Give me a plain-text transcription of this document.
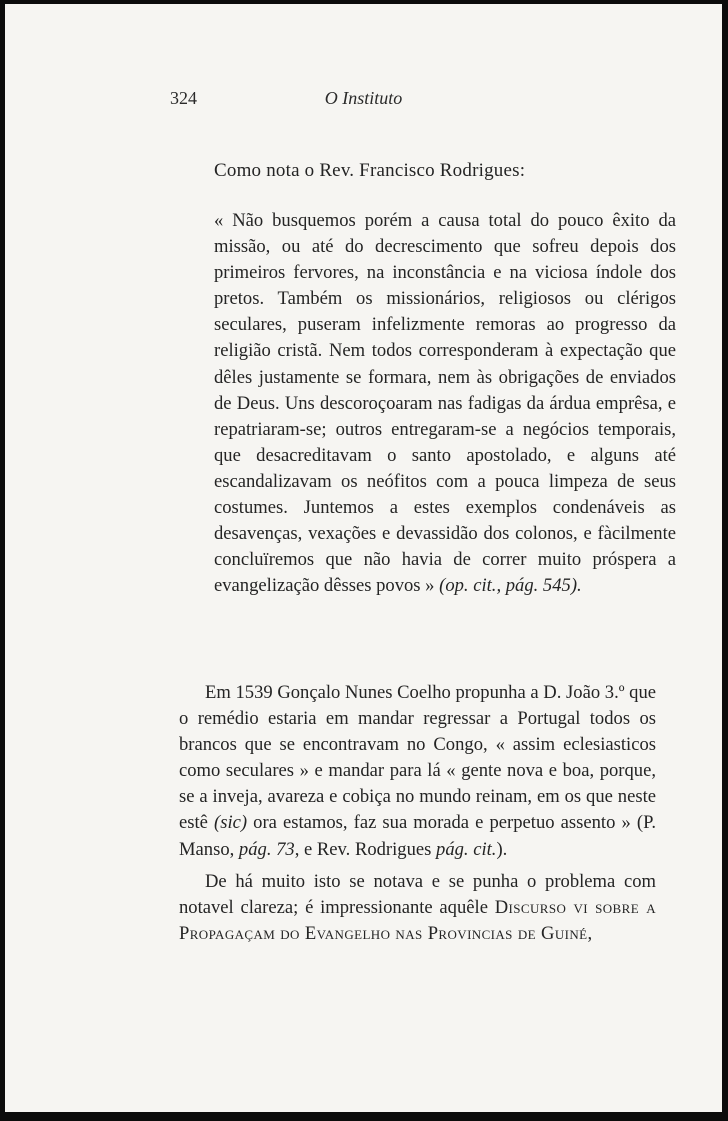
324	O Instituto
Como nota o Rev. Francisco Rodrigues:
« Não busquemos porém a causa total do pouco êxito da missão, ou até do decrescimento que sofreu depois dos primeiros fervores, na inconstância e na viciosa índole dos pretos. Também os missionários, religiosos ou clérigos seculares, puseram infelizmente remoras ao progresso da religião cristã. Nem todos corresponderam à expectação que dêles justamente se formara, nem às obrigações de enviados de Deus. Uns descoroçoaram nas fadigas da árdua emprêsa, e repatriaram-se; outros entregaram-se a negócios temporais, que desacreditavam o santo apostolado, e alguns até escandalizavam os neófitos com a pouca limpeza de seus costumes. Juntemos a estes exemplos condenáveis as desavenças, vexações e devassidão dos colonos, e fàcilmente concluïremos que não havia de correr muito próspera a evangelização dêsses povos » (op. cit., pág. 545).

Em 1539 Gonçalo Nunes Coelho propunha a D. João 3.º que o remédio estaria em mandar regressar a Portugal todos os brancos que se encontravam no Congo, « assim eclesiasticos como seculares » e mandar para lá « gente nova e boa, porque, se a inveja, avareza e cobiça no mundo reinam, em os que neste estê (sic) ora estamos, faz sua morada e perpetuo assento » (P. Manso, pág. 73, e Rev. Rodrigues pág. cit.).

De há muito isto se notava e se punha o problema com notavel clareza; é impressionante aquêle Discurso vi sobre a Propagaçam do Evangelho nas Provincias de Guiné,
